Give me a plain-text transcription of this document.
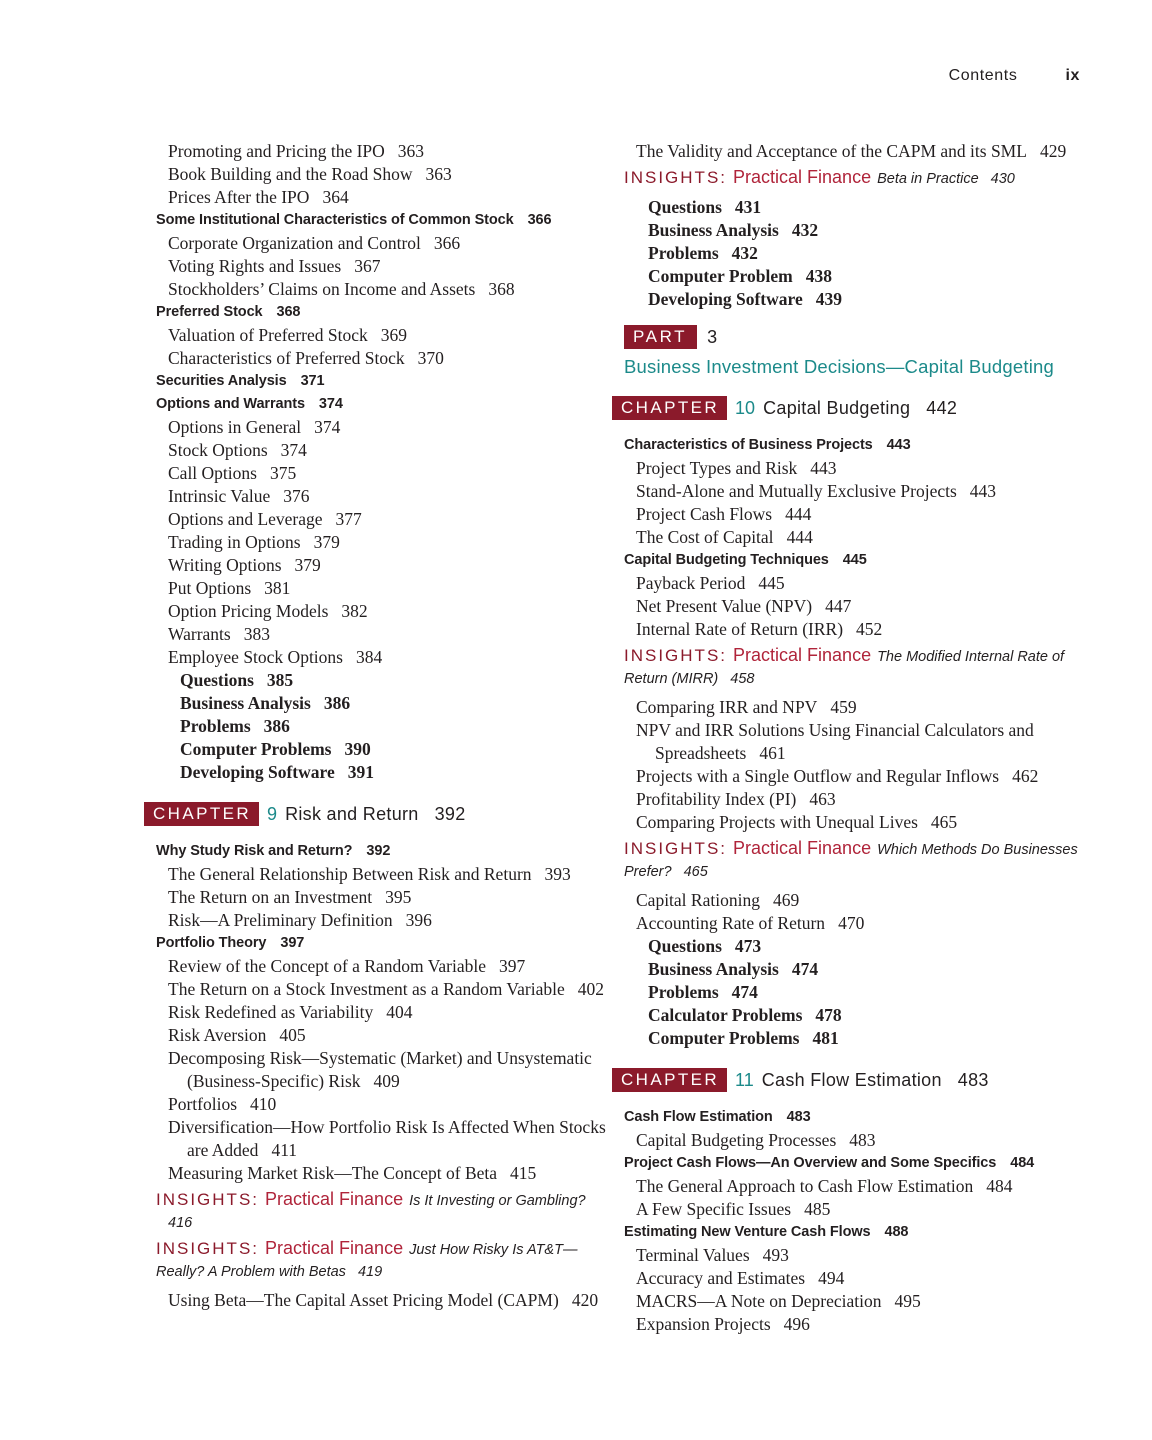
Contents	ix
Promoting and Pricing the IPO 363
Book Building and the Road Show 363
Prices After the IPO 364
Some Institutional Characteristics of Common Stock 366
Corporate Organization and Control 366
Voting Rights and Issues 367
Stockholders’ Claims on Income and Assets 368
Preferred Stock 368
Valuation of Preferred Stock 369
Characteristics of Preferred Stock 370
Securities Analysis 371
Options and Warrants 374
Options in General 374
Stock Options 374
Call Options 375
Intrinsic Value 376
Options and Leverage 377
Trading in Options 379
Writing Options 379
Put Options 381
Option Pricing Models 382
Warrants 383
Employee Stock Options 384
Questions 385
Business Analysis 386
Problems 386
Computer Problems 390
Developing Software 391
CHAPTER 9 Risk and Return 392
Why Study Risk and Return? 392
The General Relationship Between Risk and Return 393
The Return on an Investment 395
Risk—A Preliminary Definition 396
Portfolio Theory 397
Review of the Concept of a Random Variable 397
The Return on a Stock Investment as a Random Variable 402
Risk Redefined as Variability 404
Risk Aversion 405
Decomposing Risk—Systematic (Market) and Unsystematic (Business-Specific) Risk 409
Portfolios 410
Diversification—How Portfolio Risk Is Affected When Stocks are Added 411
Measuring Market Risk—The Concept of Beta 415
INSIGHTS: Practical Finance Is It Investing or Gambling?416
INSIGHTS: Practical Finance Just How Risky Is AT&T—Really? A Problem with Betas 419
Using Beta—The Capital Asset Pricing Model (CAPM) 420
The Validity and Acceptance of the CAPM and its SML 429
INSIGHTS: Practical Finance Beta in Practice 430
Questions 431
Business Analysis 432
Problems 432
Computer Problem 438
Developing Software 439
PART	3
Business Investment Decisions—Capital Budgeting
CHAPTER 10 Capital Budgeting 442
Characteristics of Business Projects 443
Project Types and Risk 443
Stand-Alone and Mutually Exclusive Projects 443
Project Cash Flows 444
The Cost of Capital 444
Capital Budgeting Techniques 445
Payback Period 445
Net Present Value (NPV) 447
Internal Rate of Return (IRR) 452
INSIGHTS: Practical Finance The Modified Internal Rate of Return (MIRR) 458
Comparing IRR and NPV 459
NPV and IRR Solutions Using Financial Calculators and Spreadsheets 461
Projects with a Single Outflow and Regular Inflows 462
Profitability Index (PI) 463
Comparing Projects with Unequal Lives 465
INSIGHTS: Practical Finance Which Methods Do Businesses Prefer? 465
Capital Rationing 469
Accounting Rate of Return 470
Questions 473
Business Analysis 474
Problems 474
Calculator Problems 478
Computer Problems 481
CHAPTER 11 Cash Flow Estimation 483
Cash Flow Estimation 483
Capital Budgeting Processes 483
Project Cash Flows—An Overview and Some Specifics 484
The General Approach to Cash Flow Estimation 484
A Few Specific Issues 485
Estimating New Venture Cash Flows 488
Terminal Values 493
Accuracy and Estimates 494
MACRS—A Note on Depreciation 495
Expansion Projects 496
